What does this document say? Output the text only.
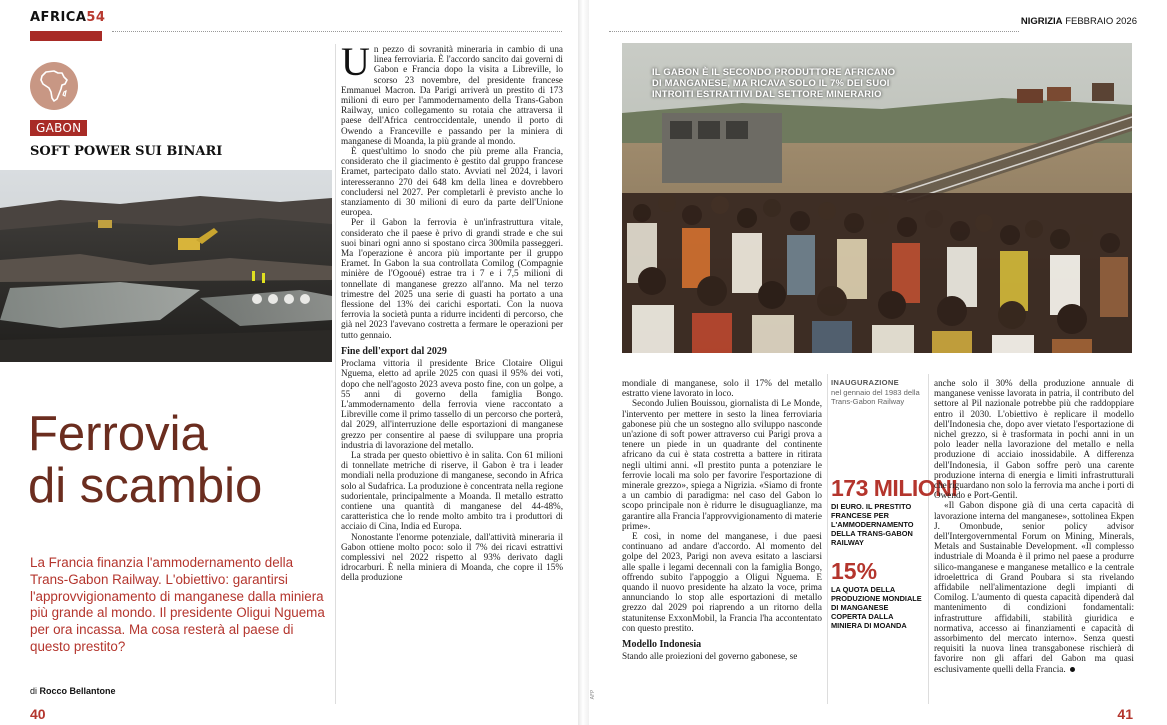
AFRICA54
GABON
SOFT POWER SUI BINARI
Ferrovia
di scambio

La Francia finanzia l'ammodernamento della Trans-Gabon Railway. L'obiettivo: garantirsi l'approvvigionamento di manganese dalla miniera più grande al mondo. Il presidente Oligui Nguema per ora incassa. Ma cosa resterà al paese di questo prestito?

di Rocco Bellantone
40

Un pezzo di sovranità mineraria in cambio di una linea ferroviaria. È l'accordo sancito dai governi di Gabon e Francia dopo la visita a Libreville, lo scorso 23 novembre, del presidente francese Emmanuel Macron. Da Parigi arriverà un prestito di 173 milioni di euro per l'ammodernamento della Trans-Gabon Railway, unico collegamento su rotaia che attraversa il paese dell'Africa centroccidentale, unendo il porto di Owendo a Franceville e passando per la miniera di manganese di Moanda, la più grande al mondo.

È quest'ultimo lo snodo che più preme alla Francia, considerato che il giacimento è gestito dal gruppo francese Eramet, partecipato dallo stato. Avviati nel 2024, i lavori interesseranno 270 dei 648 km della linea e dovrebbero concludersi nel 2027. Per completarli è previsto anche lo stanziamento di 30 milioni di euro da parte dell'Unione europea.

Per il Gabon la ferrovia è un'infrastruttura vitale, considerato che il paese è privo di grandi strade e che sui suoi binari ogni anno si spostano circa 300mila passeggeri. Ma l'operazione è ancora più importante per il gruppo Eramet. In Gabon la sua controllata Comilog (Compagnie minière de l'Ogooué) estrae tra i 7 e i 7,5 milioni di tonnellate di manganese grezzo all'anno. Ma nel terzo trimestre del 2025 una serie di guasti ha portato a una flessione del 13% dei carichi esportati. Con la nuova ferrovia la società punta a ridurre incidenti di percorso, che già nel 2023 l'avevano costretta a fermare le operazioni per tutto gennaio.

Fine dell'export dal 2029

Proclama vittoria il presidente Brice Clotaire Oligui Nguema, eletto ad aprile 2025 con quasi il 95% dei voti, dopo che nell'agosto 2023 aveva posto fine, con un golpe, a 55 anni di governo della famiglia Bongo. L'ammodernamento della ferrovia viene raccontato a Libreville come il primo tassello di un percorso che porterà, dal 2029, all'interruzione delle esportazioni di manganese grezzo per consentire al paese di sviluppare una propria industria di lavorazione del metallo.

La strada per questo obiettivo è in salita. Con 61 milioni di tonnellate metriche di riserve, il Gabon è tra i leader mondiali nella produzione di manganese, secondo in Africa solo al Sudafrica. La produzione è concentrata nella regione sudorientale, principalmente a Moanda. Il metallo estratto contiene una quantità di manganese del 44-48%, caratteristica che lo rende molto ambito tra i produttori di acciaio di Cina, India ed Europa.

Nonostante l'enorme potenziale, dall'attività mineraria il Gabon ottiene molto poco: solo il 7% dei ricavi estrattivi complessivi nel 2022 rispetto al 93% derivato dagli idrocarburi. È nella miniera di Moanda, che copre il 15% della produzione

NIGRIZIA FEBBRAIO 2026
IL GABON È IL SECONDO PRODUTTORE AFRICANO DI MANGANESE, MA RICAVA SOLO IL 7% DEI SUOI INTROITI ESTRATTIVI DAL SETTORE MINERARIO

mondiale di manganese, solo il 17% del metallo estratto viene lavorato in loco.

Secondo Julien Bouissou, giornalista di Le Monde, l'intervento per mettere in sesto la linea ferroviaria gabonese più che un sostegno allo sviluppo nasconde un'azione di soft power attraverso cui Parigi prova a tenere un piede in un quadrante del continente africano da cui è stata costretta a battere in ritirata negli ultimi anni. «Il prestito punta a potenziare le ferrovie locali ma solo per favorire l'esportazione di minerale grezzo», spiega a Nigrizia. «Siamo di fronte a un cambio di paradigma: nel caso del Gabon lo scopo principale non è ridurre le disuguaglianze, ma garantire alla Francia l'approvvigionamento di materie prime».

E così, in nome del manganese, i due paesi continuano ad andare d'accordo. Al momento del golpe del 2023, Parigi non aveva esitato a lasciarsi alle spalle i legami decennali con la famiglia Bongo, offrendo subito l'appoggio a Oligui Nguema. E quando il nuovo presidente ha alzato la voce, prima annunciando lo stop alle esportazioni di metallo grezzo dal 2029 poi riaprendo a un ritorno della statunitense ExxonMobil, la Francia l'ha accontentato con questo prestito.

Modello Indonesia

Stando alle proiezioni del governo gabonese, se

INAUGURAZIONE
nel gennaio del 1983 della Trans-Gabon Railway
173 MILIONI
DI EURO. IL PRESTITO FRANCESE PER L'AMMODERNAMENTO DELLA TRANS-GABON RAILWAY
15%
LA QUOTA DELLA PRODUZIONE MONDIALE DI MANGANESE COPERTA DALLA MINIERA DI MOANDA

anche solo il 30% della produzione annuale di manganese venisse lavorata in patria, il contributo del settore al Pil nazionale potrebbe più che raddoppiare entro il 2030. L'obiettivo è replicare il modello dell'Indonesia che, dopo aver vietato l'esportazione di nichel grezzo, si è trasformata in pochi anni in un polo leader nella lavorazione del metallo e nella produzione di acciaio inossidabile. A differenza dell'Indonesia, il Gabon soffre però una carente produzione interna di energia e limiti infrastrutturali che riguardano non solo la ferrovia ma anche i porti di Owendo e Port-Gentil.

«Il Gabon dispone già di una certa capacità di lavorazione interna del manganese», sottolinea Ekpen J. Omonbude, senior policy advisor dell'Intergovernmental Forum on Mining, Minerals, Metals and Sustainable Development. «Il complesso industriale di Moanda è il primo nel paese a produrre silico-manganese e manganese metallico e la centrale idroelettrica di Grand Poubara si sta rivelando affidabile nell'alimentazione degli impianti di Comilog. L'aumento di questa capacità dipenderà dal mantenimento di condizioni fondamentali: infrastrutture affidabili, stabilità giuridica e normativa, accesso ai finanziamenti e capacità di assorbimento del mercato interno». Senza questi requisiti la nuova linea transgabonese rischierà di favorire non gli affari del Gabon ma quasi esclusivamente quelli della Francia.

AFP
41
